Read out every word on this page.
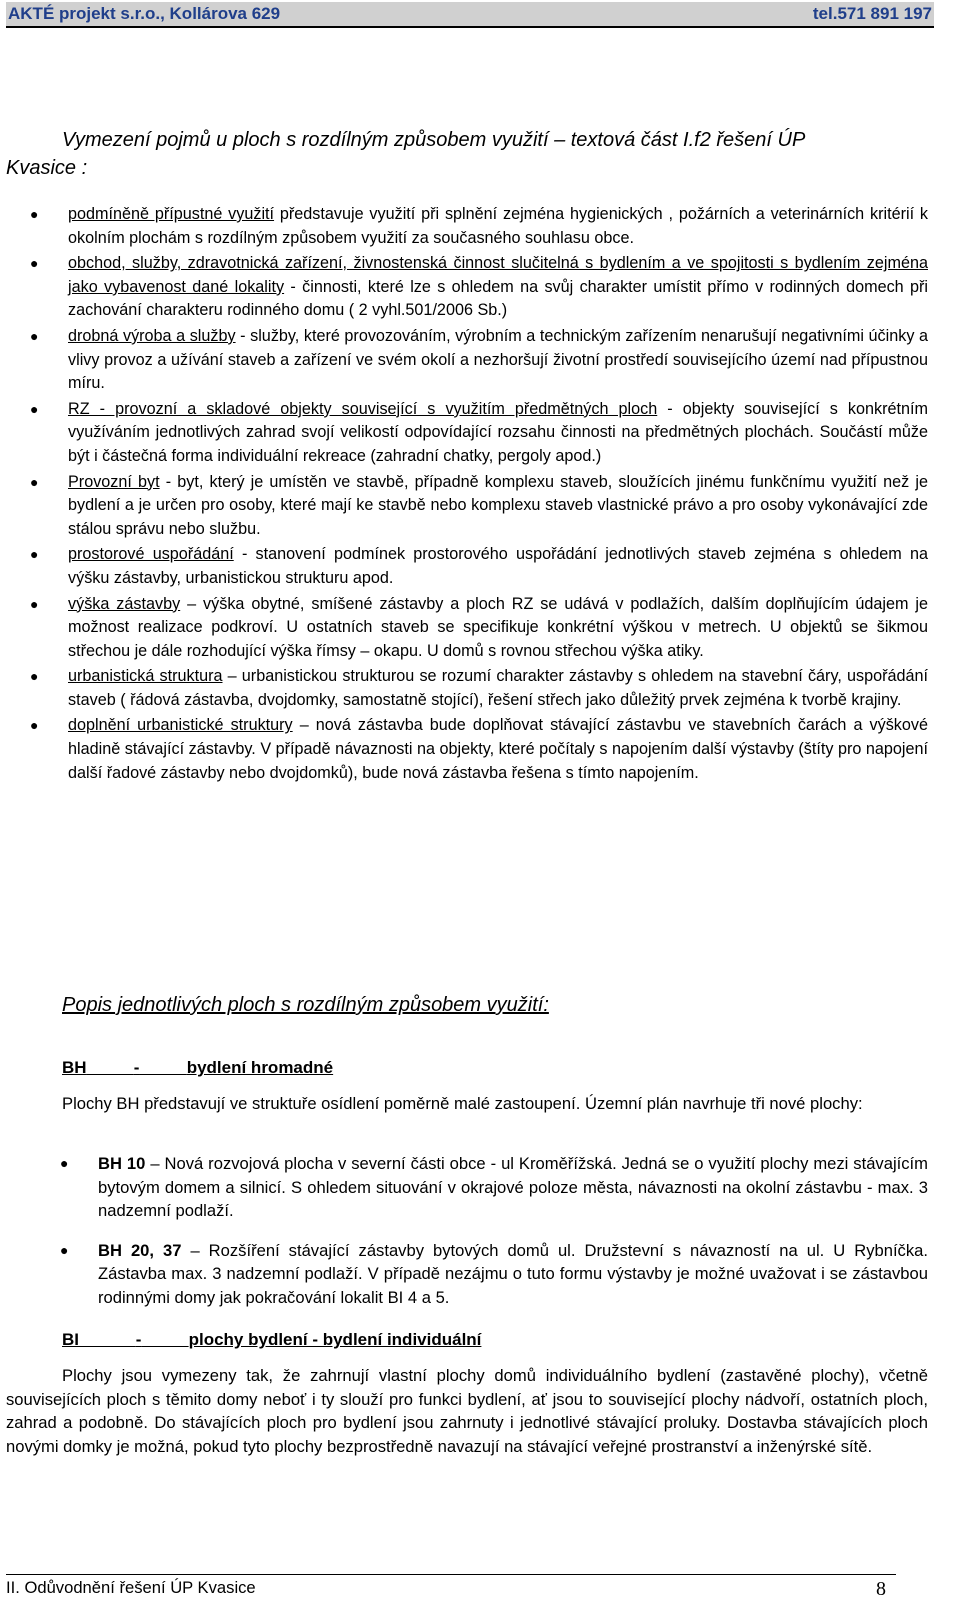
AKTÉ projekt s.r.o., Kollárova 629	tel.571 891 197
Vymezení pojmů u ploch s rozdílným způsobem využití – textová část I.f2 řešení ÚP
Kvasice :
● podmíněně přípustné využití představuje využití při splnění zejména hygienických , požárních a veterinárních kritérií k okolním plochám s rozdílným způsobem využití za současného souhlasu obce.
● obchod, služby, zdravotnická zařízení, živnostenská činnost slučitelná s bydlením a ve spojitosti s bydlením zejména jako vybavenost dané lokality - činnosti, které lze s ohledem na svůj charakter umístit přímo v rodinných domech při zachování charakteru rodinného domu ( 2 vyhl.501/2006 Sb.)
● drobná výroba a služby - služby, které provozováním, výrobním a technickým zařízením nenarušují negativními účinky a vlivy provoz a užívání staveb a zařízení ve svém okolí a nezhoršují životní prostředí souvisejícího území nad přípustnou míru.
● RZ - provozní a skladové objekty související s využitím předmětných ploch - objekty související s konkrétním využíváním jednotlivých zahrad svojí velikostí odpovídající rozsahu činnosti na předmětných plochách. Součástí může být i částečná forma individuální rekreace (zahradní chatky, pergoly apod.)
● Provozní byt - byt, který je umístěn ve stavbě, případně komplexu staveb, sloužících jinému funkčnímu využití než je bydlení a je určen pro osoby, které mají ke stavbě nebo komplexu staveb vlastnické právo a pro osoby vykonávající zde stálou správu nebo službu.
● prostorové uspořádání - stanovení podmínek prostorového uspořádání jednotlivých staveb zejména s ohledem na výšku zástavby, urbanistickou strukturu apod.
● výška zástavby – výška obytné, smíšené zástavby a ploch RZ se udává v podlažích, dalším doplňujícím údajem je možnost realizace podkroví. U ostatních staveb se specifikuje konkrétní výškou v metrech. U objektů se šikmou střechou je dále rozhodující výška římsy – okapu. U domů s rovnou střechou výška atiky.
● urbanistická struktura – urbanistickou strukturou se rozumí charakter zástavby s ohledem na stavební čáry, uspořádání staveb ( řádová zástavba, dvojdomky, samostatně stojící), řešení střech jako důležitý prvek zejména k tvorbě krajiny.
● doplnění urbanistické struktury – nová zástavba bude doplňovat stávající zástavbu ve stavebních čarách a výškové hladině stávající zástavby. V případě návaznosti na objekty, které počítaly s napojením další výstavby (štíty pro napojení další řadové zástavby nebo dvojdomků), bude nová zástavba řešena s tímto napojením.
Popis jednotlivých ploch s rozdílným způsobem využití:
BH	-	bydlení hromadné
Plochy BH představují ve struktuře osídlení poměrně malé zastoupení. Územní plán navrhuje tři nové plochy:
● BH 10 – Nová rozvojová plocha v severní části obce - ul Kroměřížská. Jedná se o využití plochy mezi stávajícím bytovým domem a silnicí. S ohledem situování v okrajové poloze města, návaznosti na okolní zástavbu - max. 3 nadzemní podlaží.
● BH 20, 37 – Rozšíření stávající zástavby bytových domů ul. Družstevní s návazností na ul. U Rybníčka. Zástavba max. 3 nadzemní podlaží. V případě nezájmu o tuto formu výstavby je možné uvažovat i se zástavbou rodinnými domy jak pokračování lokalit BI 4 a 5.
BI	-	plochy bydlení - bydlení individuální
Plochy jsou vymezeny tak, že zahrnují vlastní plochy domů individuálního bydlení (zastavěné plochy), včetně souvisejících ploch s těmito domy neboť i ty slouží pro funkci bydlení, ať jsou to související plochy nádvoří, ostatních ploch, zahrad a podobně. Do stávajících ploch pro bydlení jsou zahrnuty i jednotlivé stávající proluky. Dostavba stávajících ploch novými domky je možná, pokud tyto plochy bezprostředně navazují na stávající veřejné prostranství a inženýrské sítě.
II. Odůvodnění řešení ÚP Kvasice	8
